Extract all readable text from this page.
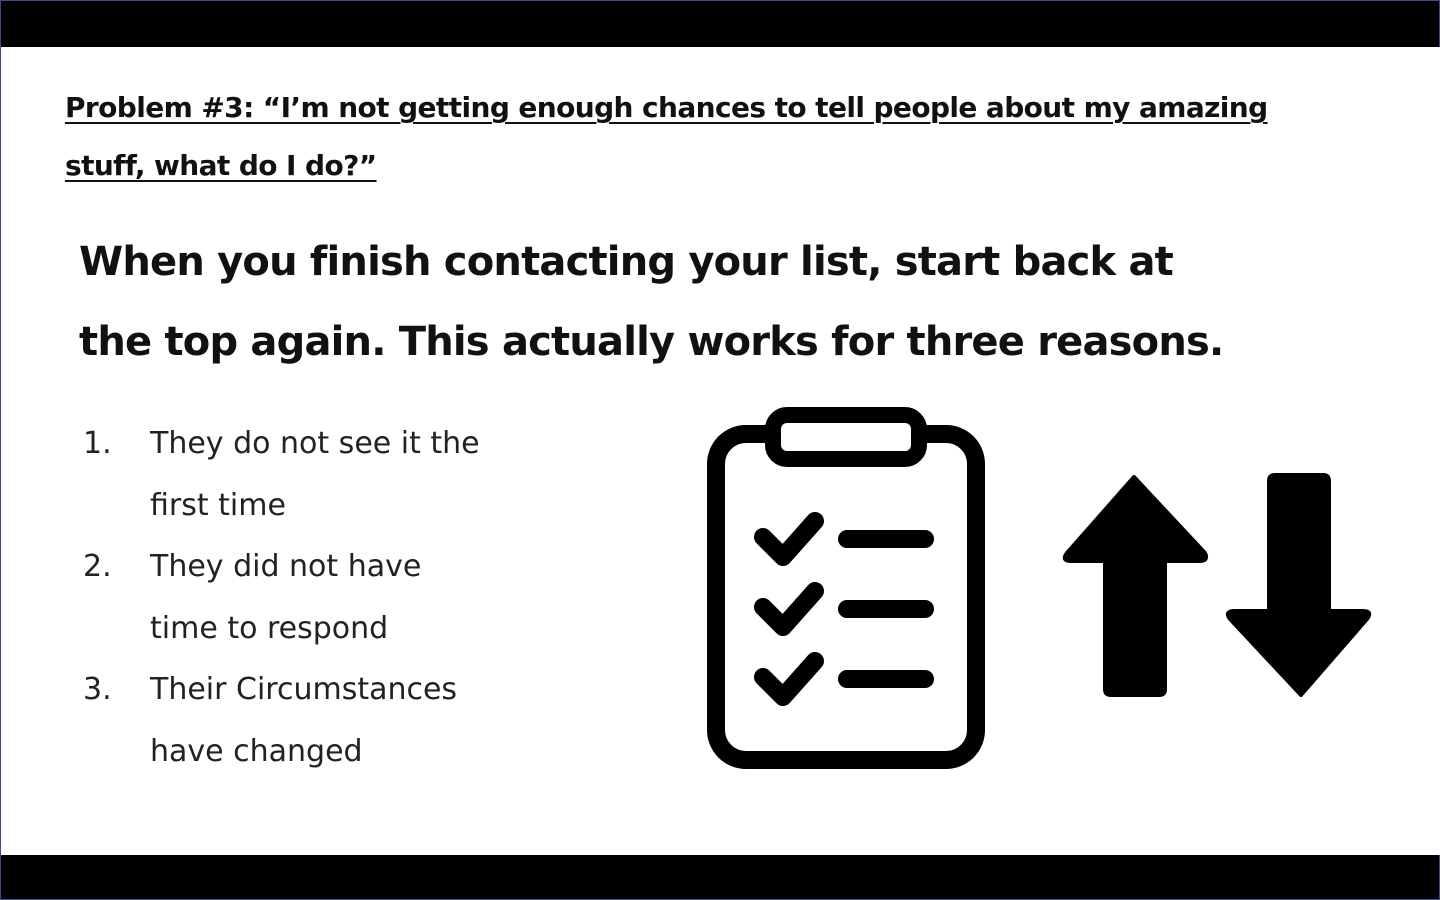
Problem #3: “I’m not getting enough chances to tell people about my amazing
stuff, what do I do?”
When you finish contacting your list, start back at
the top again. This actually works for three reasons.
1.	They do not see it the
first time
2.	They did not have
time to respond
3.	Their Circumstances
have changed
